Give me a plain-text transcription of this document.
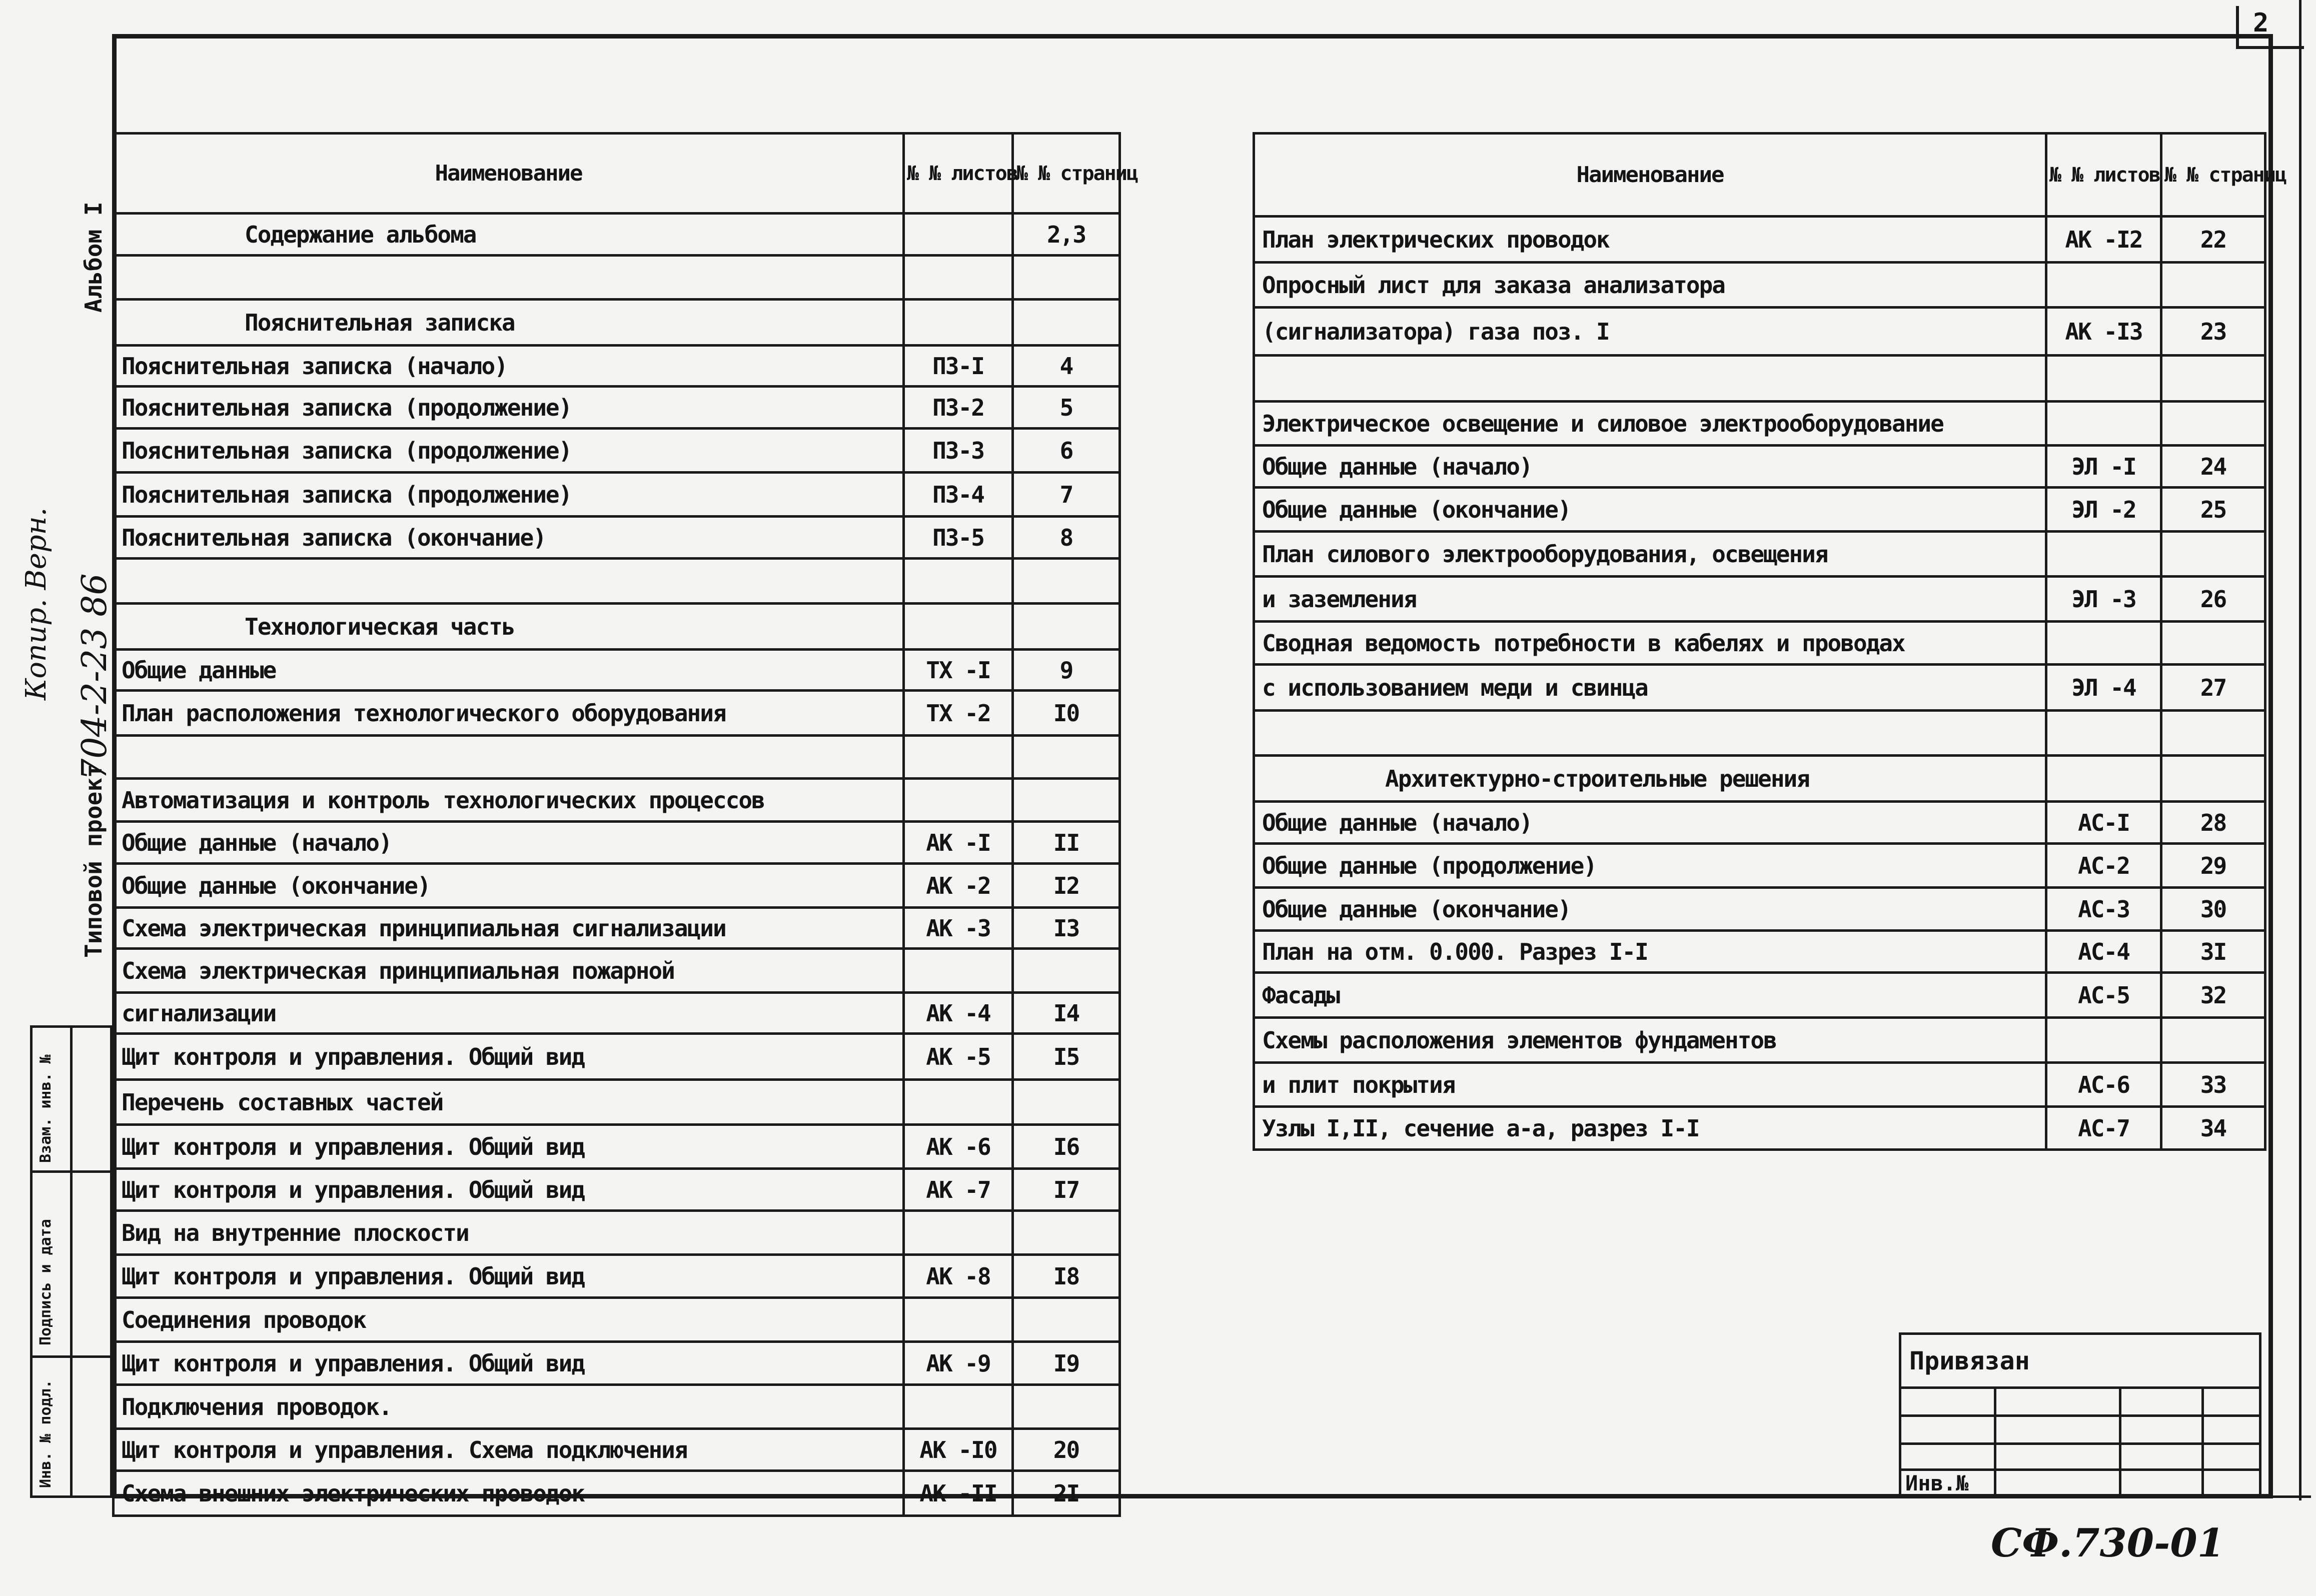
2
Альбом I
Типовой проект
704-2-23 86
Копир. Верн.

Взам. инв. №
Подпись и дата
Инв. № подл.
Наименование	№ № листов	№ № страниц
Содержание альбома		2,3

Пояснительная записка		
Пояснительная записка (начало)	ПЗ-I	4
Пояснительная записка (продолжение)	ПЗ-2	5
Пояснительная записка (продолжение)	ПЗ-3	6
Пояснительная записка (продолжение)	ПЗ-4	7
Пояснительная записка (окончание)	ПЗ-5	8

Технологическая часть		
Общие данные	ТХ -I	9
План расположения технологического оборудования	ТХ -2	I0

Автоматизация и контроль технологических процессов		
Общие данные (начало)	АК -I	II
Общие данные (окончание)	АК -2	I2
Схема электрическая принципиальная сигнализации	АК -3	I3
Схема электрическая принципиальная пожарной		
сигнализации	АК -4	I4
Щит контроля и управления. Общий вид	АК -5	I5
Перечень составных частей		
Щит контроля и управления. Общий вид	АК -6	I6
Щит контроля и управления. Общий вид	АК -7	I7
Вид на внутренние плоскости		
Щит контроля и управления. Общий вид	АК -8	I8
Соединения проводок		
Щит контроля и управления. Общий вид	АК -9	I9
Подключения проводок.		
Щит контроля и управления. Схема подключения	АК -I0	20
Схема внешних электрических проводок	АК -II	2I
Наименование	№ № листов	№ № страниц
План электрических проводок	АК -I2	22
Опросный лист для заказа анализатора		
(сигнализатора) газа поз. I	АК -I3	23

Электрическое освещение и силовое электрооборудование		
Общие данные (начало)	ЭЛ -I	24
Общие данные (окончание)	ЭЛ -2	25
План силового электрооборудования, освещения		
и заземления	ЭЛ -3	26
Сводная ведомость потребности в кабелях и проводах		
с использованием меди и свинца	ЭЛ -4	27

Архитектурно-строительные решения		
Общие данные (начало)	АС-I	28
Общие данные (продолжение)	АС-2	29
Общие данные (окончание)	АС-3	30
План на отм. 0.000. Разрез I-I	АС-4	3I
Фасады	АС-5	32
Схемы расположения элементов фундаментов		
и плит покрытия	АС-6	33
Узлы I,II, сечение а-а, разрез I-I	АС-7	34
Привязан			

Инв.№			
СФ.730-01
